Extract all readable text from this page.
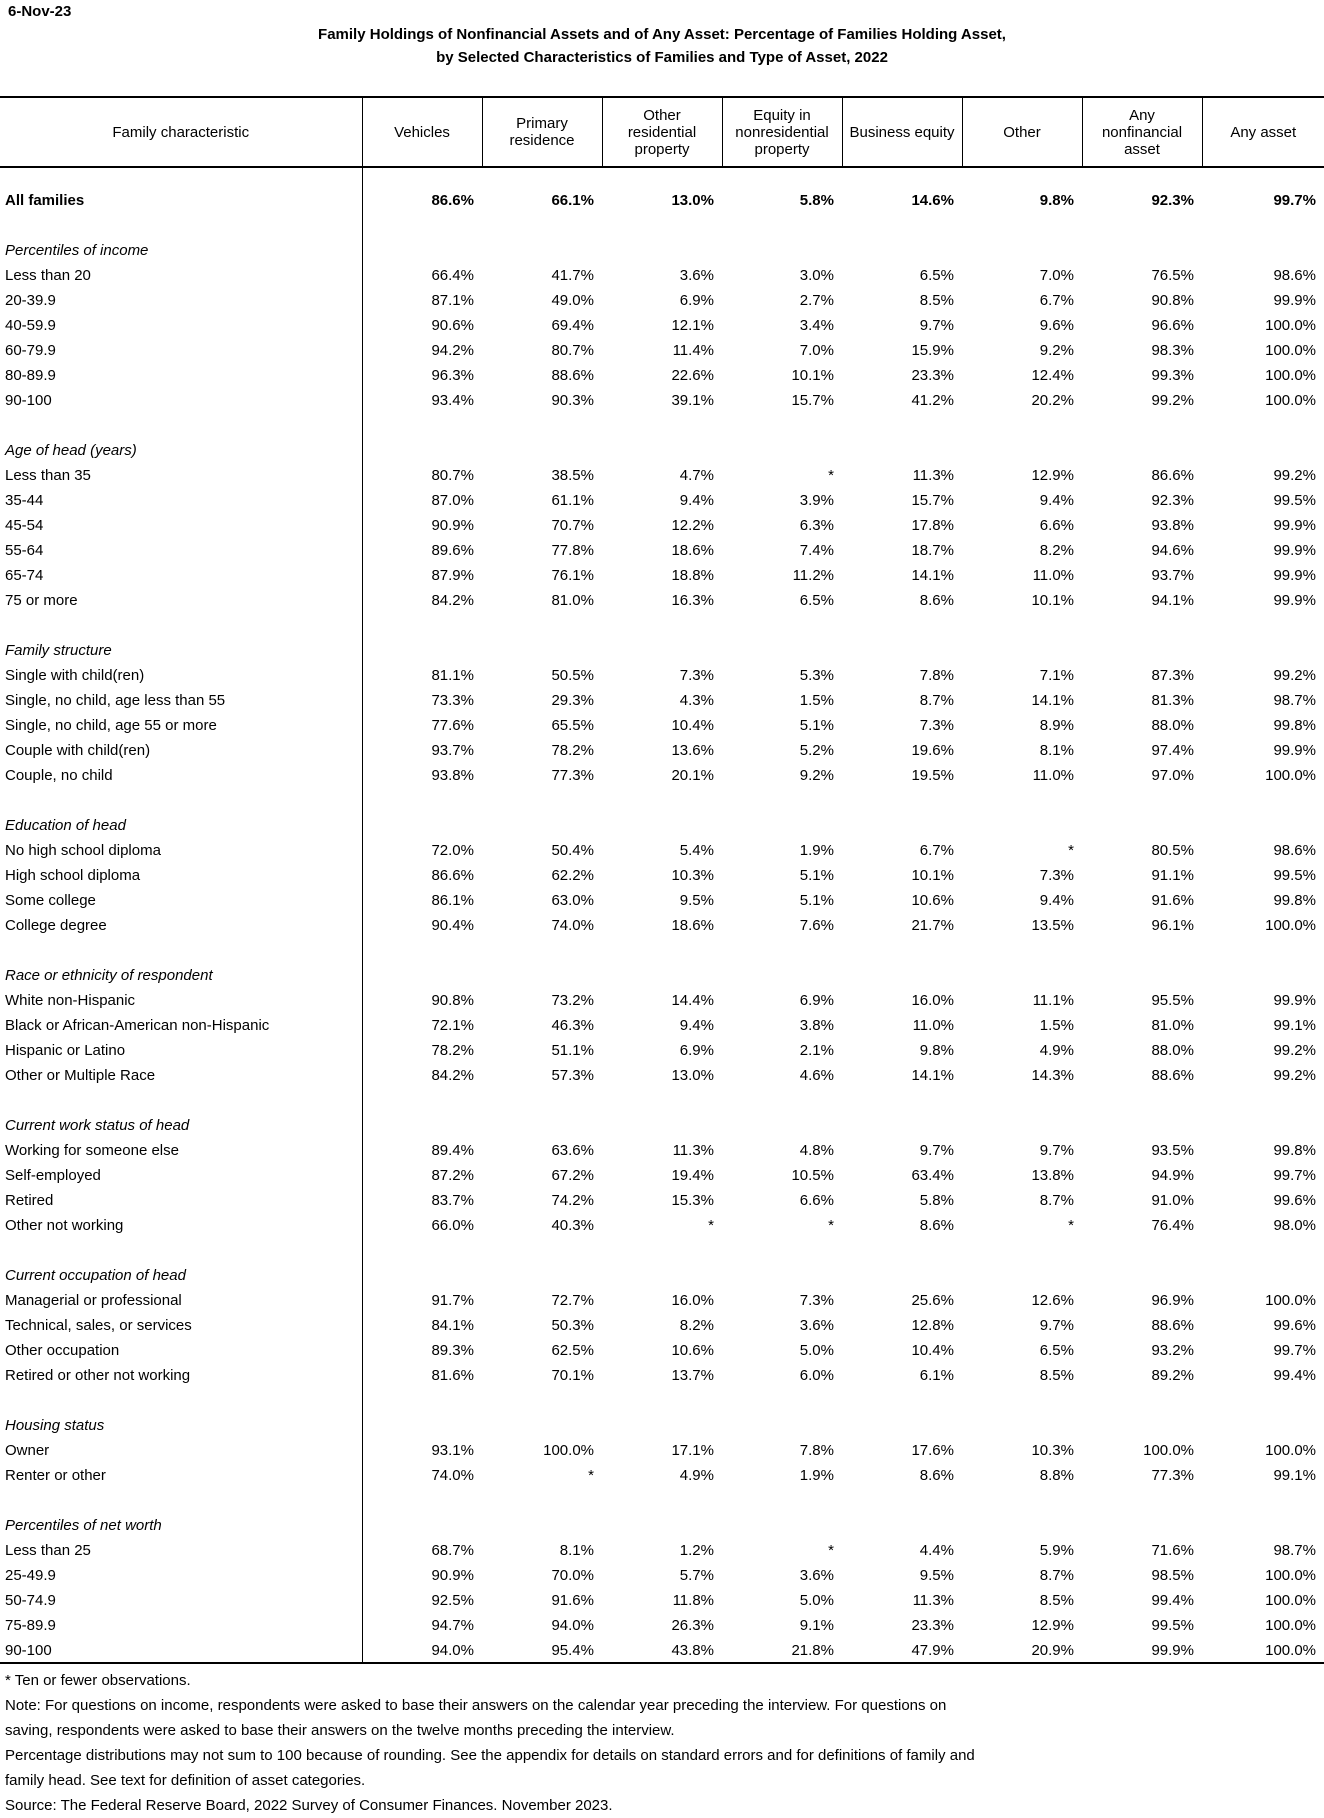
6-Nov-23
Family Holdings of Nonfinancial Assets and of Any Asset: Percentage of Families Holding Asset,
by Selected Characteristics of Families and Type of Asset, 2022
Family characteristic	Vehicles	Primary residence	Other residential property	Equity in nonresidential property	Business equity	Other	Any nonfinancial asset	Any asset

All families	86.6%	66.1%	13.0%	5.8%	14.6%	9.8%	92.3%	99.7%

Percentiles of income								
Less than 20	66.4%	41.7%	3.6%	3.0%	6.5%	7.0%	76.5%	98.6%
20-39.9	87.1%	49.0%	6.9%	2.7%	8.5%	6.7%	90.8%	99.9%
40-59.9	90.6%	69.4%	12.1%	3.4%	9.7%	9.6%	96.6%	100.0%
60-79.9	94.2%	80.7%	11.4%	7.0%	15.9%	9.2%	98.3%	100.0%
80-89.9	96.3%	88.6%	22.6%	10.1%	23.3%	12.4%	99.3%	100.0%
90-100	93.4%	90.3%	39.1%	15.7%	41.2%	20.2%	99.2%	100.0%

Age of head (years)								
Less than 35	80.7%	38.5%	4.7%	*	11.3%	12.9%	86.6%	99.2%
35-44	87.0%	61.1%	9.4%	3.9%	15.7%	9.4%	92.3%	99.5%
45-54	90.9%	70.7%	12.2%	6.3%	17.8%	6.6%	93.8%	99.9%
55-64	89.6%	77.8%	18.6%	7.4%	18.7%	8.2%	94.6%	99.9%
65-74	87.9%	76.1%	18.8%	11.2%	14.1%	11.0%	93.7%	99.9%
75 or more	84.2%	81.0%	16.3%	6.5%	8.6%	10.1%	94.1%	99.9%

Family structure								
Single with child(ren)	81.1%	50.5%	7.3%	5.3%	7.8%	7.1%	87.3%	99.2%
Single, no child, age less than 55	73.3%	29.3%	4.3%	1.5%	8.7%	14.1%	81.3%	98.7%
Single, no child, age 55 or more	77.6%	65.5%	10.4%	5.1%	7.3%	8.9%	88.0%	99.8%
Couple with child(ren)	93.7%	78.2%	13.6%	5.2%	19.6%	8.1%	97.4%	99.9%
Couple, no child	93.8%	77.3%	20.1%	9.2%	19.5%	11.0%	97.0%	100.0%

Education of head								
No high school diploma	72.0%	50.4%	5.4%	1.9%	6.7%	*	80.5%	98.6%
High school diploma	86.6%	62.2%	10.3%	5.1%	10.1%	7.3%	91.1%	99.5%
Some college	86.1%	63.0%	9.5%	5.1%	10.6%	9.4%	91.6%	99.8%
College degree	90.4%	74.0%	18.6%	7.6%	21.7%	13.5%	96.1%	100.0%

Race or ethnicity of respondent								
White non-Hispanic	90.8%	73.2%	14.4%	6.9%	16.0%	11.1%	95.5%	99.9%
Black or African-American non-Hispanic	72.1%	46.3%	9.4%	3.8%	11.0%	1.5%	81.0%	99.1%
Hispanic or Latino	78.2%	51.1%	6.9%	2.1%	9.8%	4.9%	88.0%	99.2%
Other or Multiple Race	84.2%	57.3%	13.0%	4.6%	14.1%	14.3%	88.6%	99.2%

Current work status of head								
Working for someone else	89.4%	63.6%	11.3%	4.8%	9.7%	9.7%	93.5%	99.8%
Self-employed	87.2%	67.2%	19.4%	10.5%	63.4%	13.8%	94.9%	99.7%
Retired	83.7%	74.2%	15.3%	6.6%	5.8%	8.7%	91.0%	99.6%
Other not working	66.0%	40.3%	*	*	8.6%	*	76.4%	98.0%

Current occupation of head								
Managerial or professional	91.7%	72.7%	16.0%	7.3%	25.6%	12.6%	96.9%	100.0%
Technical, sales, or services	84.1%	50.3%	8.2%	3.6%	12.8%	9.7%	88.6%	99.6%
Other occupation	89.3%	62.5%	10.6%	5.0%	10.4%	6.5%	93.2%	99.7%
Retired or other not working	81.6%	70.1%	13.7%	6.0%	6.1%	8.5%	89.2%	99.4%

Housing status								
Owner	93.1%	100.0%	17.1%	7.8%	17.6%	10.3%	100.0%	100.0%
Renter or other	74.0%	*	4.9%	1.9%	8.6%	8.8%	77.3%	99.1%

Percentiles of net worth								
Less than 25	68.7%	8.1%	1.2%	*	4.4%	5.9%	71.6%	98.7%
25-49.9	90.9%	70.0%	5.7%	3.6%	9.5%	8.7%	98.5%	100.0%
50-74.9	92.5%	91.6%	11.8%	5.0%	11.3%	8.5%	99.4%	100.0%
75-89.9	94.7%	94.0%	26.3%	9.1%	23.3%	12.9%	99.5%	100.0%
90-100	94.0%	95.4%	43.8%	21.8%	47.9%	20.9%	99.9%	100.0%
* Ten or fewer observations.
Note: For questions on income, respondents were asked to base their answers on the calendar year preceding the interview. For questions on
saving, respondents were asked to base their answers on the twelve months preceding the interview.
Percentage distributions may not sum to 100 because of rounding. See the appendix for details on standard errors and for definitions of family and
family head. See text for definition of asset categories.
Source: The Federal Reserve Board, 2022 Survey of Consumer Finances. November 2023.
